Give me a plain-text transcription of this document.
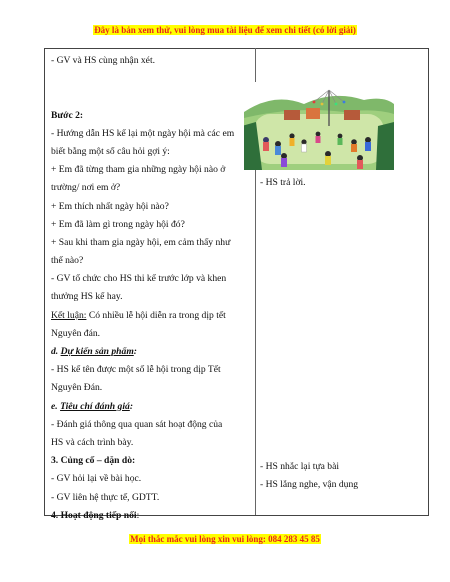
Đây là bản xem thử, vui lòng mua tài liệu để xem chi tiết (có lời giải)
- GV và HS cùng nhận xét.
Bước 2:
- Hướng dẫn HS kể lại một ngày hội mà các em
biết bằng một số câu hỏi gợi ý:
+ Em đã từng tham gia những ngày hội nào ở
trường/ nơi em ở?
+ Em thích nhất ngày hội nào?
+ Em đã làm gì trong ngày hội đó?
+ Sau khi tham gia ngày hội, em cảm thấy như
thế nào?
- GV tổ chức cho HS thi kể trước lớp và khen
thưởng HS kể hay.
Kết luận: Có nhiều lễ hội diễn ra trong dịp tết
Nguyên đán.
d. Dự kiến sản phẩm:
- HS kể tên được một số lễ hội trong dịp Tết
Nguyên Đán.
e. Tiêu chí đánh giá:
- Đánh giá thông qua quan sát hoạt động của
HS và cách trình bày.
3. Củng cố – dặn dò:
- GV hỏi lại về bài học.
- GV liên hệ thực tế, GDTT.
4. Hoạt động tiếp nối:
- HS trả lời.
- HS nhắc lại tựa bài
- HS lắng nghe, vận dụng
Mọi thắc mắc vui lòng xin vui lòng: 084 283 45 85
